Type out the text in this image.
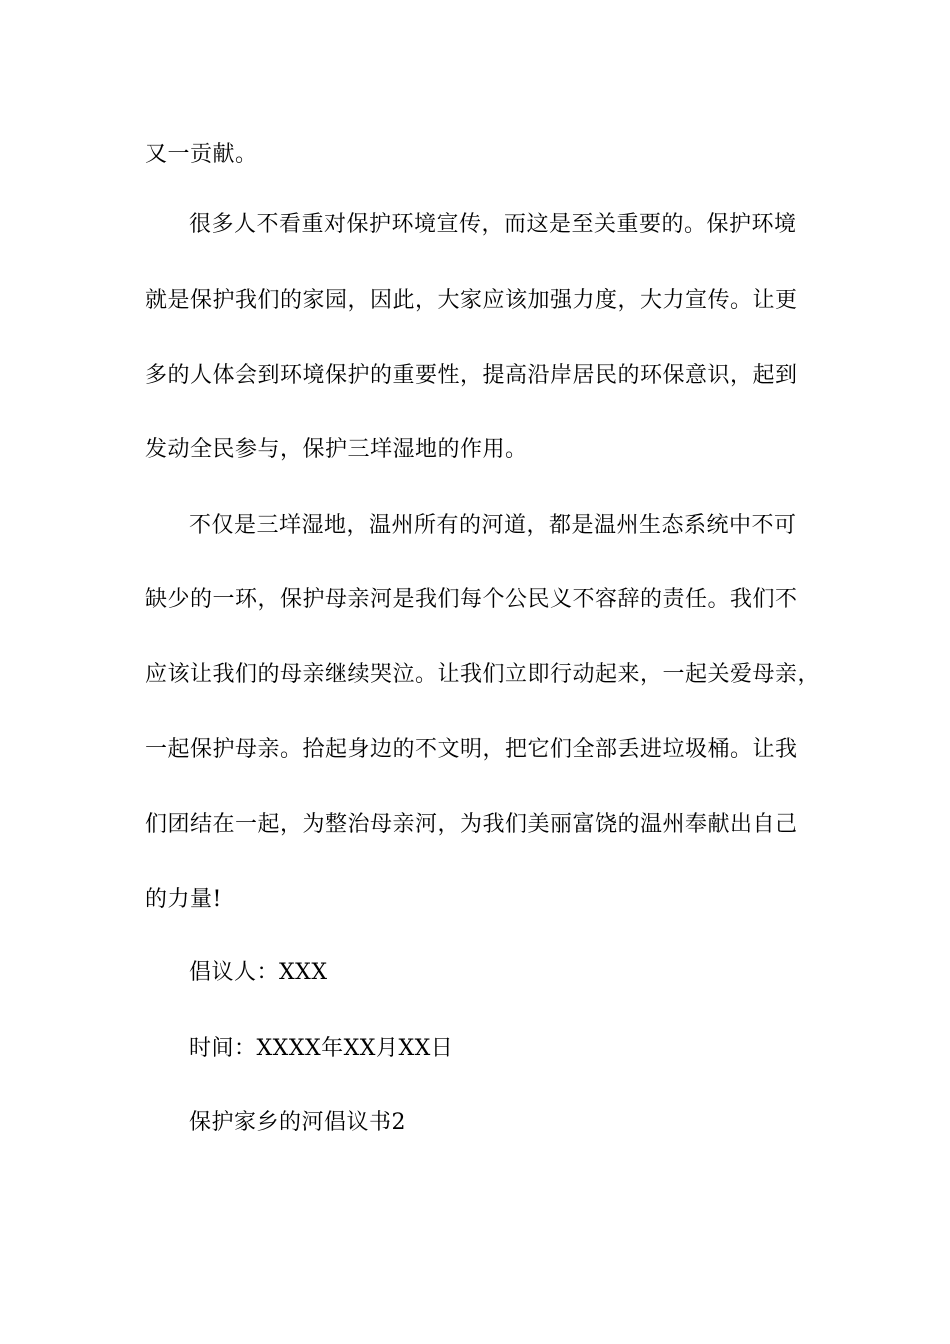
又一贡献。
很多人不看重对保护环境宣传，而这是至关重要的。保护环境
就是保护我们的家园，因此，大家应该加强力度，大力宣传。让更
多的人体会到环境保护的重要性，提高沿岸居民的环保意识，起到
发动全民参与，保护三垟湿地的作用。
不仅是三垟湿地，温州所有的河道，都是温州生态系统中不可
缺少的一环，保护母亲河是我们每个公民义不容辞的责任。我们不
应该让我们的母亲继续哭泣。让我们立即行动起来，一起关爱母亲，
一起保护母亲。拾起身边的不文明，把它们全部丢进垃圾桶。让我
们团结在一起，为整治母亲河，为我们美丽富饶的温州奉献出自己
的力量!
倡议人：XXX
时间：XXXX年XX月XX日
保护家乡的河倡议书2
